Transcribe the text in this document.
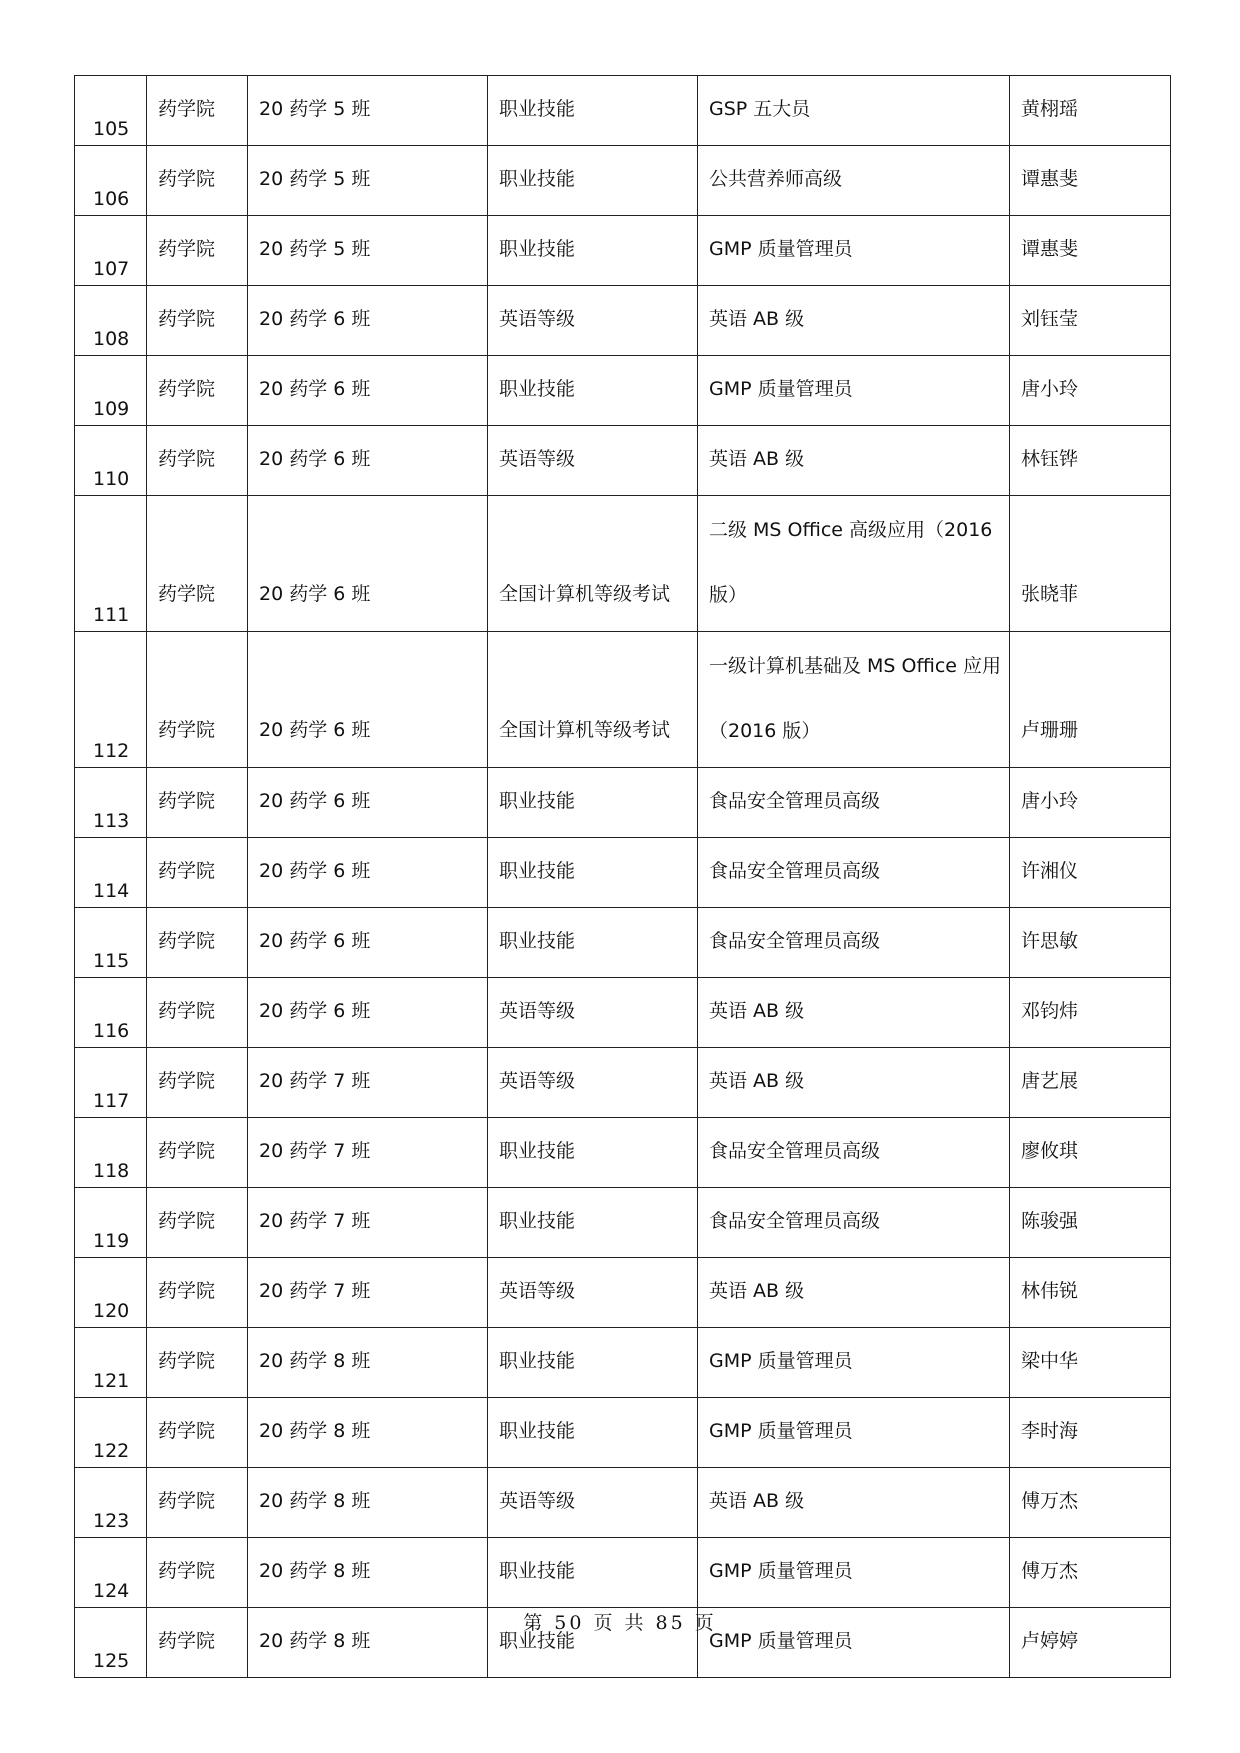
105	药学院	20 药学 5 班	职业技能	GSP 五大员	黄栩瑶

106	药学院	20 药学 5 班	职业技能	公共营养师高级	谭惠斐

107	药学院	20 药学 5 班	职业技能	GMP 质量管理员	谭惠斐

108	药学院	20 药学 6 班	英语等级	英语 AB 级	刘钰莹

109	药学院	20 药学 6 班	职业技能	GMP 质量管理员	唐小玲

110	药学院	20 药学 6 班	英语等级	英语 AB 级	林钰铧

111	药学院	20 药学 6 班	全国计算机等级考试	二级 MS Office 高级应用（2016 版）	张晓菲

112	药学院	20 药学 6 班	全国计算机等级考试	一级计算机基础及 MS Office 应用（2016 版）	卢珊珊

113	药学院	20 药学 6 班	职业技能	食品安全管理员高级	唐小玲

114	药学院	20 药学 6 班	职业技能	食品安全管理员高级	许湘仪

115	药学院	20 药学 6 班	职业技能	食品安全管理员高级	许思敏

116	药学院	20 药学 6 班	英语等级	英语 AB 级	邓钧炜

117	药学院	20 药学 7 班	英语等级	英语 AB 级	唐艺展

118	药学院	20 药学 7 班	职业技能	食品安全管理员高级	廖攸琪

119	药学院	20 药学 7 班	职业技能	食品安全管理员高级	陈骏强

120	药学院	20 药学 7 班	英语等级	英语 AB 级	林伟锐

121	药学院	20 药学 8 班	职业技能	GMP 质量管理员	梁中华

122	药学院	20 药学 8 班	职业技能	GMP 质量管理员	李时海

123	药学院	20 药学 8 班	英语等级	英语 AB 级	傅万杰

124	药学院	20 药学 8 班	职业技能	GMP 质量管理员	傅万杰

125	药学院	20 药学 8 班	职业技能	GMP 质量管理员	卢婷婷
第 50 页 共 85 页
